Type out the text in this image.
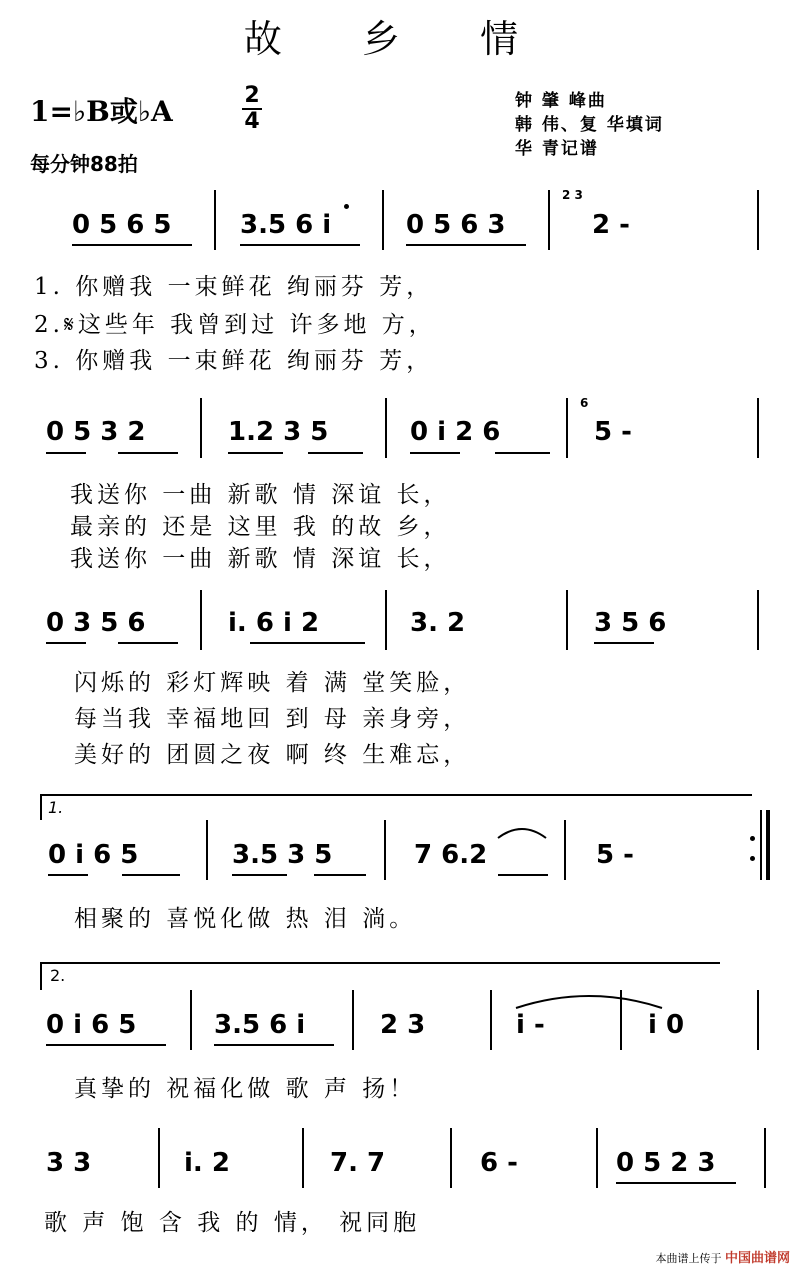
故 乡 情
1=♭B或♭A	2
4
每分钟88拍
钟 肇 峰曲
韩 伟、复 华填词
华 青记谱
0 5 6 5	3.5 6 i	0 5 6 3	2 -
2 3
1. 你赠我 一束鲜花 绚丽芬 芳，
2.𝄋这些年 我曾到过 许多地 方，
3. 你赠我 一束鲜花 绚丽芬 芳，
0 5 3 2	1.2 3 5	0 i 2 6	5 -
6
我送你 一曲 新歌 情 深谊 长，
最亲的 还是 这里 我 的故 乡，
我送你 一曲 新歌 情 深谊 长，
0 3 5 6	i. 6 i 2	3. 2	3 5 6
闪烁的 彩灯辉映 着 满 堂笑脸，
每当我 幸福地回 到 母 亲身旁，
美好的 团圆之夜 啊 终 生难忘，
1.
0 i 6 5	3.5 3 5	7 6.2	5 -
相聚的 喜悦化做 热 泪 淌。
2.
0 i 6 5	3.5 6 i	2 3	i -	i 0
真挚的 祝福化做 歌 声 扬！
3 3	i. 2	7. 7	6 -	0 5 2 3
歌 声 饱 含 我 的 情， 祝同胞
本曲谱上传于 中国曲谱网
